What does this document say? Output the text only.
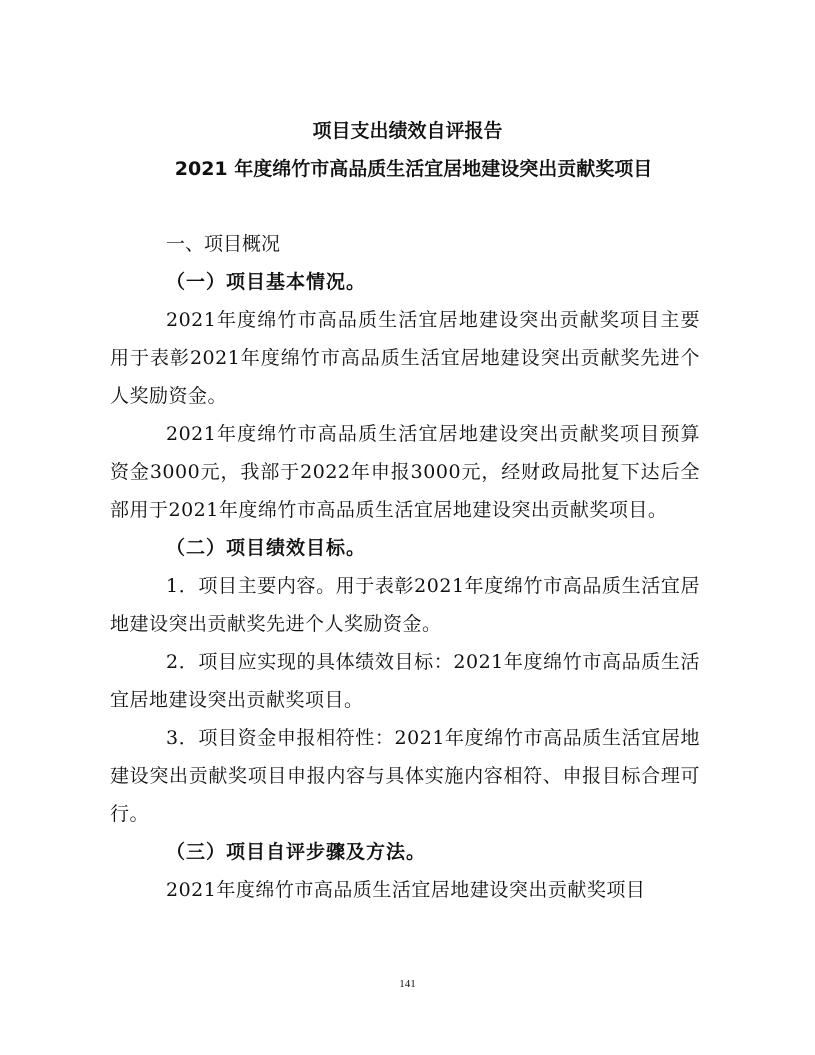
项目支出绩效自评报告
2021 年度绵竹市高品质生活宜居地建设突出贡献奖项目
一、项目概况
（一）项目基本情况。

2021年度绵竹市高品质生活宜居地建设突出贡献奖项目主要用于表彰2021年度绵竹市高品质生活宜居地建设突出贡献奖先进个人奖励资金。

2021年度绵竹市高品质生活宜居地建设突出贡献奖项目预算资金3000元，我部于2022年申报3000元，经财政局批复下达后全部用于2021年度绵竹市高品质生活宜居地建设突出贡献奖项目。

（二）项目绩效目标。

1．项目主要内容。用于表彰2021年度绵竹市高品质生活宜居地建设突出贡献奖先进个人奖励资金。

2．项目应实现的具体绩效目标：2021年度绵竹市高品质生活宜居地建设突出贡献奖项目。

3．项目资金申报相符性：2021年度绵竹市高品质生活宜居地建设突出贡献奖项目申报内容与具体实施内容相符、申报目标合理可行。

（三）项目自评步骤及方法。

2021年度绵竹市高品质生活宜居地建设突出贡献奖项目

141
